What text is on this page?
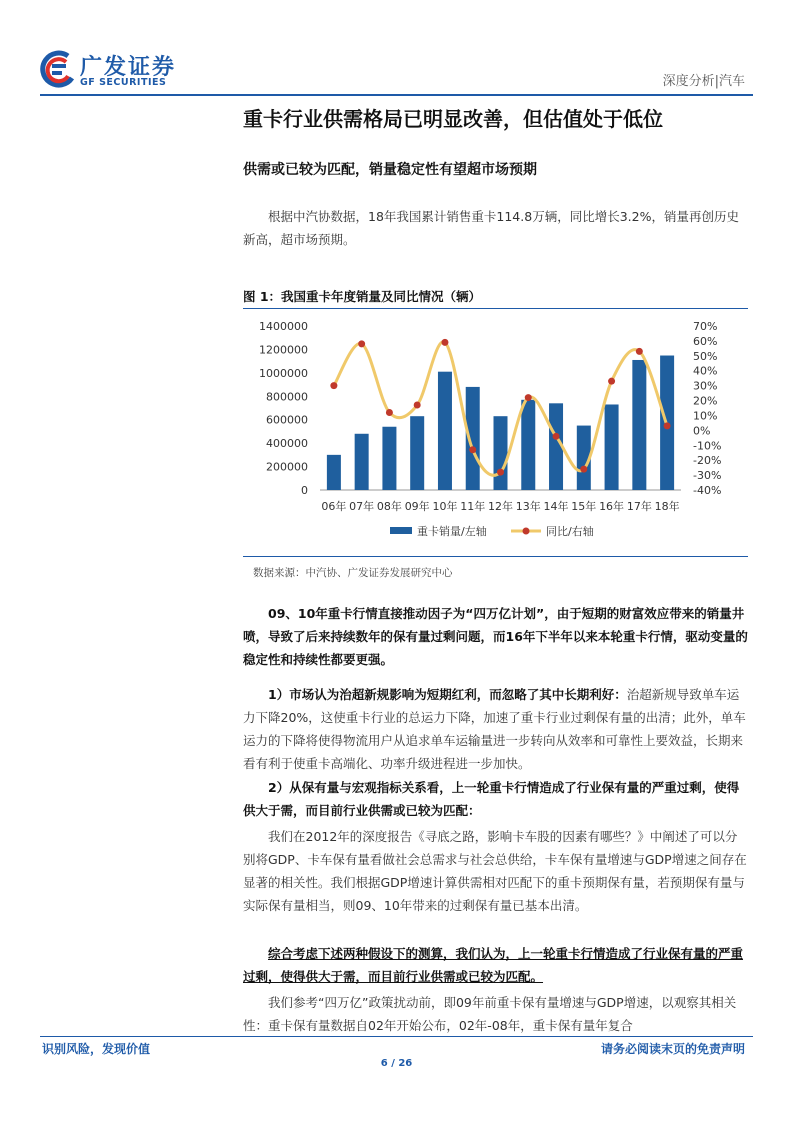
广发证券
GF SECURITIES	深度分析|汽车
重卡行业供需格局已明显改善，但估值处于低位
供需或已较为匹配，销量稳定性有望超市场预期
根据中汽协数据，18年我国累计销售重卡114.8万辆，同比增长3.2%，销量再创历史新高，超市场预期。
图 1：我国重卡年度销量及同比情况（辆）
0
200000
400000
600000
800000
1000000
1200000
1400000
-40%
-30%
-20%
-10%
0%
10%
20%
30%
40%
50%
60%
70%
06年 07年 08年 09年 10年 11年 12年 13年 14年 15年 16年 17年 18年
重卡销量/左轴	同比/右轴
数据来源：中汽协、广发证券发展研究中心
09、10年重卡行情直接推动因子为“四万亿计划”，由于短期的财富效应带来的销量井喷，导致了后来持续数年的保有量过剩问题，而16年下半年以来本轮重卡行情，驱动变量的稳定性和持续性都要更强。
1）市场认为治超新规影响为短期红利，而忽略了其中长期利好：治超新规导致单车运力下降20%，这使重卡行业的总运力下降，加速了重卡行业过剩保有量的出清；此外，单车运力的下降将使得物流用户从追求单车运输量进一步转向从效率和可靠性上要效益，长期来看有利于使重卡高端化、功率升级进程进一步加快。
2）从保有量与宏观指标关系看，上一轮重卡行情造成了行业保有量的严重过剩，使得供大于需，而目前行业供需或已较为匹配：
我们在2012年的深度报告《寻底之路，影响卡车股的因素有哪些？》中阐述了可以分别将GDP、卡车保有量看做社会总需求与社会总供给，卡车保有量增速与GDP增速之间存在显著的相关性。我们根据GDP增速计算供需相对匹配下的重卡预期保有量，若预期保有量与实际保有量相当，则09、10年带来的过剩保有量已基本出清。
综合考虑下述两种假设下的测算，我们认为，上一轮重卡行情造成了行业保有量的严重过剩，使得供大于需，而目前行业供需或已较为匹配。
我们参考“四万亿”政策扰动前，即09年前重卡保有量增速与GDP增速，以观察其相关性：重卡保有量数据自02年开始公布，02年-08年，重卡保有量年复合
识别风险，发现价值	请务必阅读末页的免责声明
6 / 26
